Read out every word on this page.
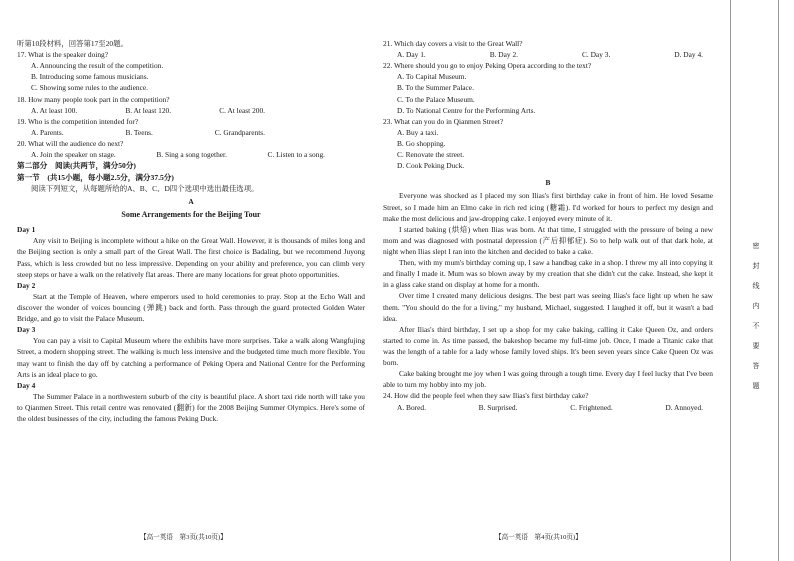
听第10段材料，回答第17至20题。
17. What is the speaker doing?
A. Announcing the result of the competition.
B. Introducing some famous musicians.
C. Showing some rules to the audience.
18. How many people took part in the competition?
A. At least 100.	B. At least 120.	C. At least 200.
19. Who is the competition intended for?
A. Parents.	B. Teens.	C. Grandparents.
20. What will the audience do next?
A. Join the speaker on stage.	B. Sing a song together.	C. Listen to a song.
第二部分　阅读(共两节，满分50分)
第一节　(共15小题，每小题2.5分，满分37.5分)
阅读下列短文，从每题所给的A、B、C、D四个选项中选出最佳选项。
A
Some Arrangements for the Beijing Tour
Day 1
Any visit to Beijing is incomplete without a hike on the Great Wall. However, it is thousands of miles long and the Beijing section is only a small part of the Great Wall. The first choice is Badaling, but we recommend Juyong Pass, which is less crowded but no less impressive. Depending on your ability and preference, you can climb very steep steps or have a walk on the relatively flat areas. There are many locations for great photo opportunities.
Day 2
Start at the Temple of Heaven, where emperors used to hold ceremonies to pray. Stop at the Echo Wall and discover the wonder of voices bouncing (弹跳) back and forth. Pass through the guard protected Golden Water Bridge, and go to visit the Palace Museum.
Day 3
You can pay a visit to Capital Museum where the exhibits have more surprises. Take a walk along Wangfujing Street, a modern shopping street. The walking is much less intensive and the budgeted time much more flexible. You may want to finish the day off by catching a performance of Peking Opera and National Centre for the Performing Arts is an ideal place to go.
Day 4
The Summer Palace in a northwestern suburb of the city is beautiful place. A short taxi ride north will take you to Qianmen Street. This retail centre was renovated (翻新) for the 2008 Beijing Summer Olympics. Here's some of the oldest businesses of the city, including the famous Peking Duck.
21. Which day covers a visit to the Great Wall?
A. Day 1.	B. Day 2.	C. Day 3.	D. Day 4.
22. Where should you go to enjoy Peking Opera according to the text?
A. To Capital Museum.
B. To the Summer Palace.
C. To the Palace Museum.
D. To National Centre for the Performing Arts.
23. What can you do in Qianmen Street?
A. Buy a taxi.
B. Go shopping.
C. Renovate the street.
D. Cook Peking Duck.
B
Everyone was shocked as I placed my son Ilias's first birthday cake in front of him. He loved Sesame Street, so I made him an Elmo cake in rich red icing (糖霜). I'd worked for hours to perfect my design and make the most delicious and jaw-dropping cake. I enjoyed every minute of it.
I started baking (烘焙) when Ilias was born. At that time, I struggled with the pressure of being a new mom and was diagnosed with postnatal depression (产后抑郁症). So to help walk out of that dark hole, at night when Ilias slept I ran into the kitchen and decided to bake a cake.
Then, with my mum's birthday coming up, I saw a handbag cake in a shop. I threw my all into copying it and finally I made it. Mum was so blown away by my creation that she didn't cut the cake. Instead, she kept it in a glass cake stand on display at home for a month.
Over time I created many delicious designs. The best part was seeing Ilias's face light up when he saw them. "You should do the for a living," my husband, Michael, suggested. I laughed it off, but it wasn't a bad idea.
After Ilias's third birthday, I set up a shop for my cake baking, calling it Cake Queen Oz, and orders started to come in. As time passed, the bakeshop became my full-time job. Once, I made a Titanic cake that was the length of a table for a lady whose family loved ships. It's been seven years since Cake Queen Oz was born.
Cake baking brought me joy when I was going through a tough time. Every day I feel lucky that I've been able to turn my hobby into my job.
24. How did the people feel when they saw Ilias's first birthday cake?
A. Bored.	B. Surprised.	C. Frightened.	D. Annoyed.
【高一英语　第3页(共10页)】	【高一英语　第4页(共10页)】
密　　封　　线　　内　　不　　要　　答　　题
